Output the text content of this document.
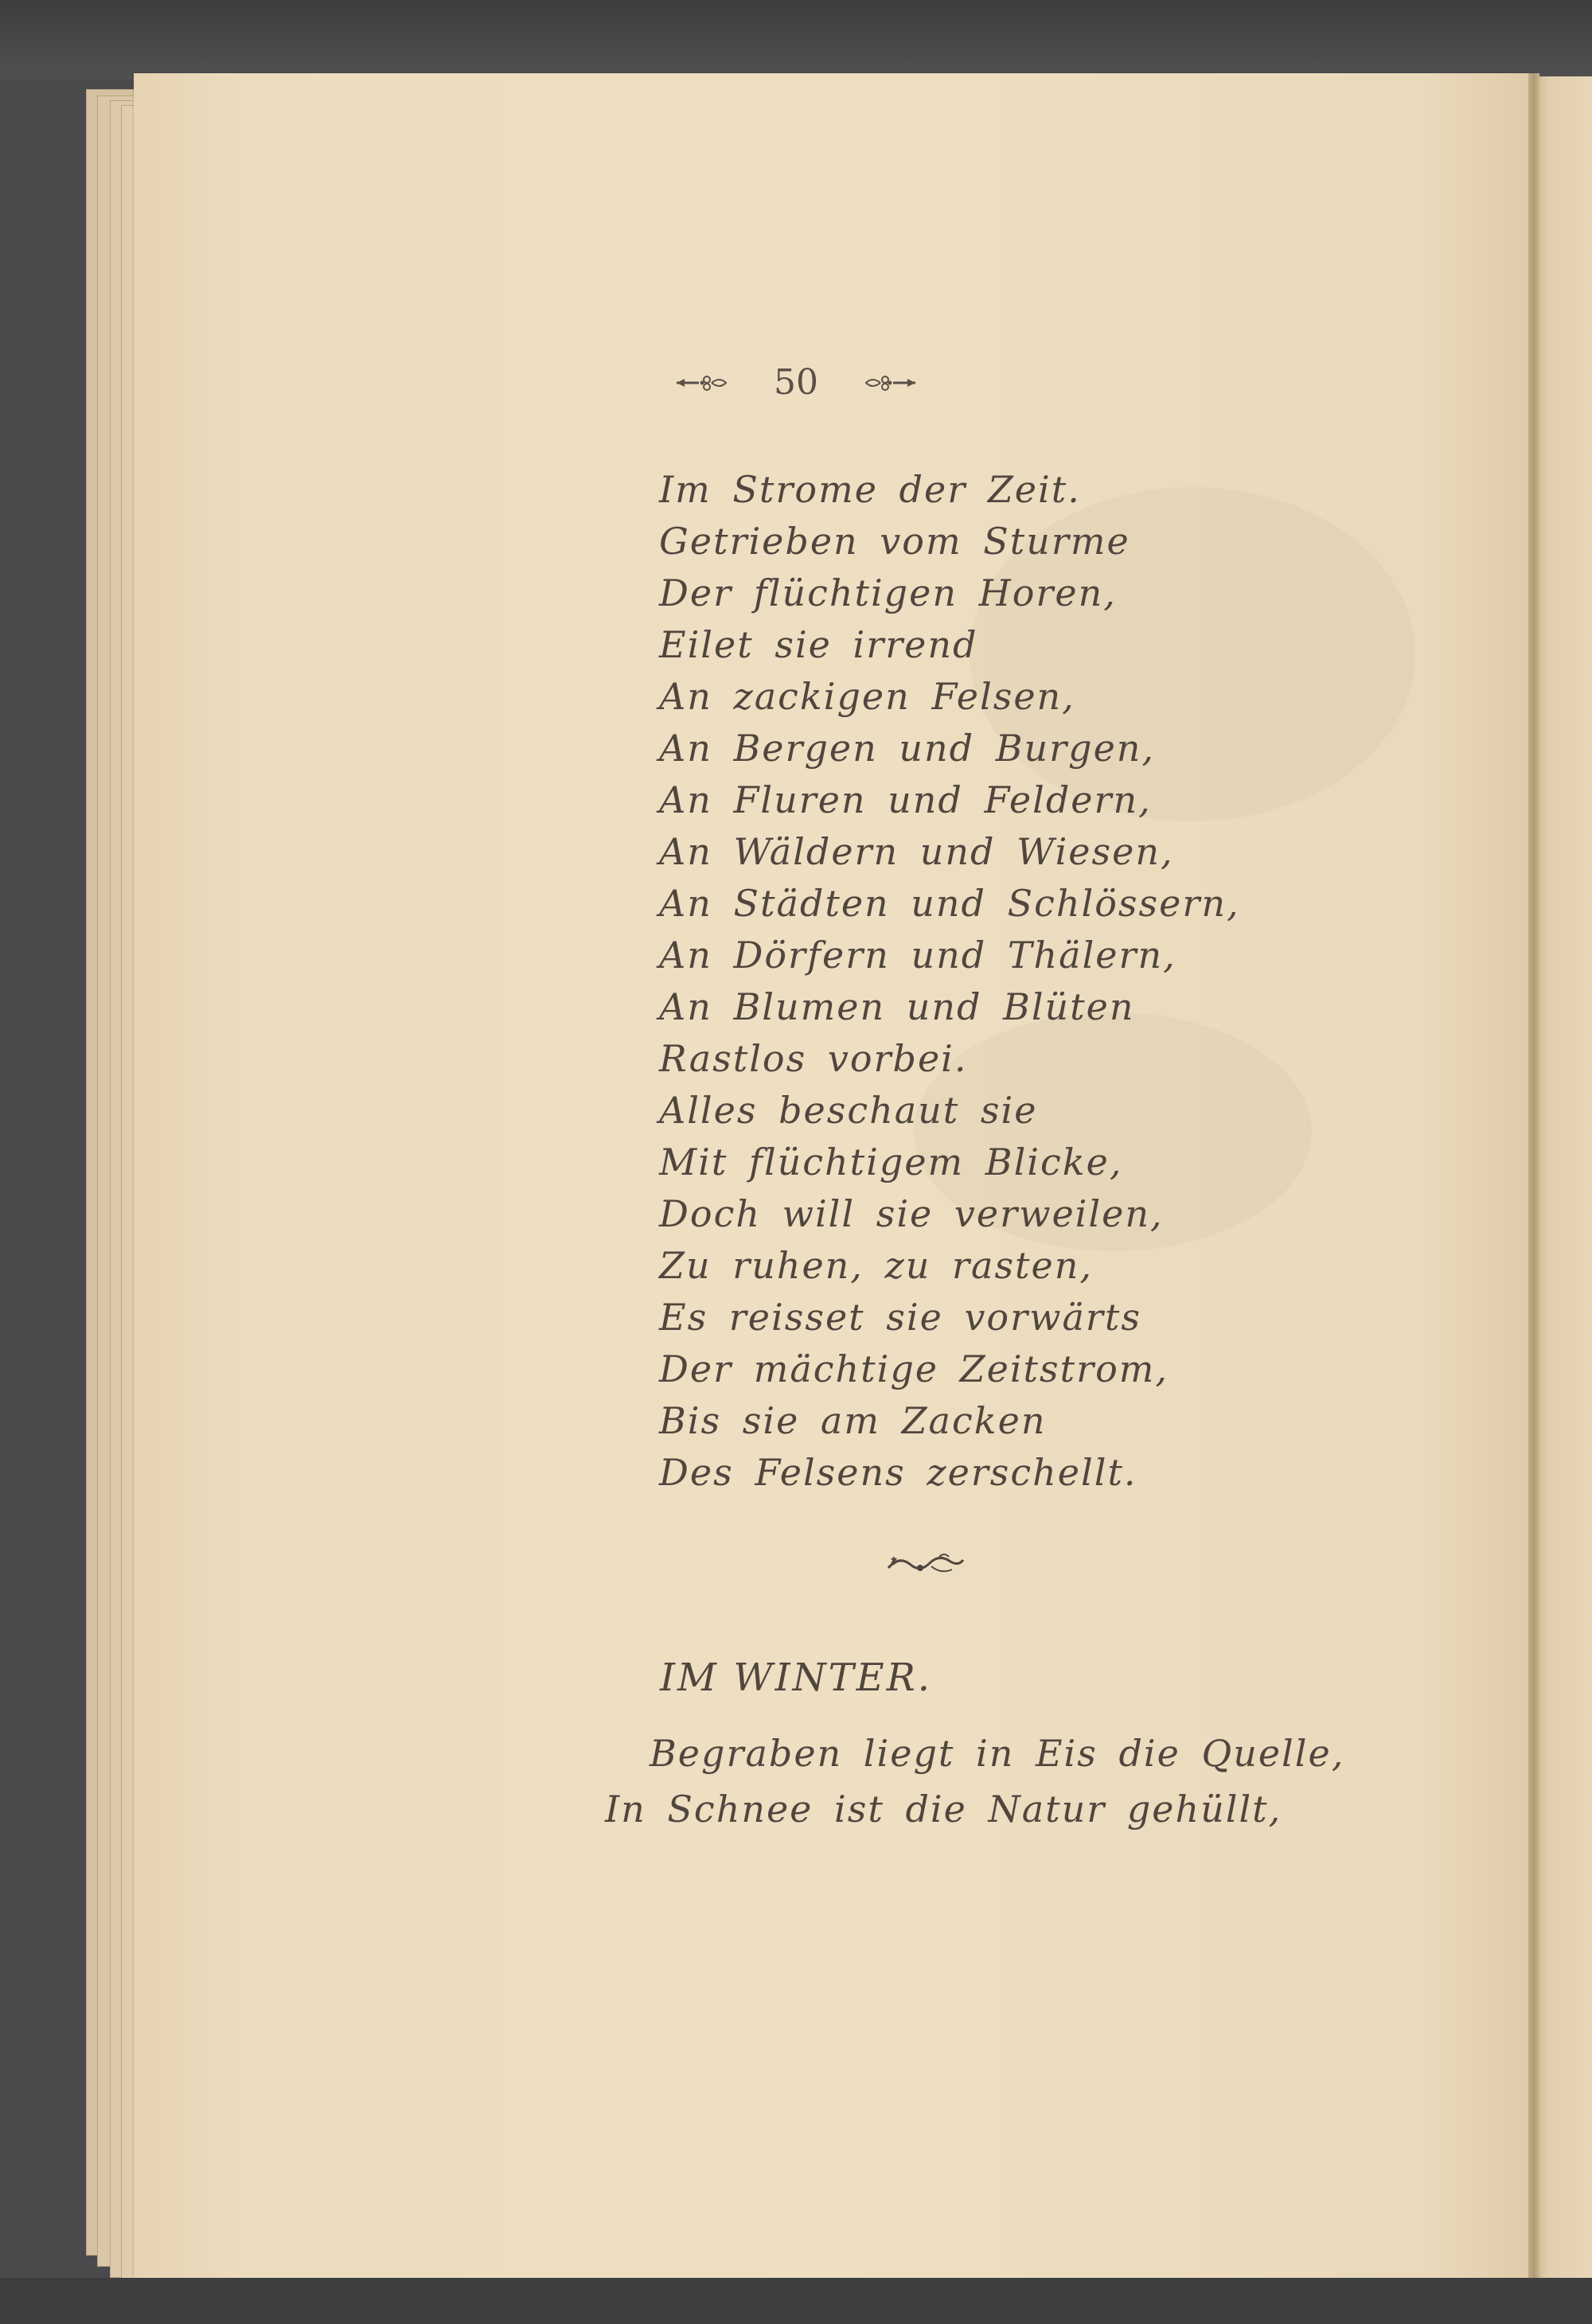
50
Im Strome der Zeit.
Getrieben vom Sturme
Der flüchtigen Horen,
Eilet sie irrend
An zackigen Felsen,
An Bergen und Burgen,
An Fluren und Feldern,
An Wäldern und Wiesen,
An Städten und Schlössern,
An Dörfern und Thälern,
An Blumen und Blüten
Rastlos vorbei.
Alles beschaut sie
Mit flüchtigem Blicke,
Doch will sie verweilen,
Zu ruhen, zu rasten,
Es reisset sie vorwärts
Der mächtige Zeitstrom,
Bis sie am Zacken
Des Felsens zerschellt.
IM WINTER.
Begraben liegt in Eis die Quelle,
In Schnee ist die Natur gehüllt,
